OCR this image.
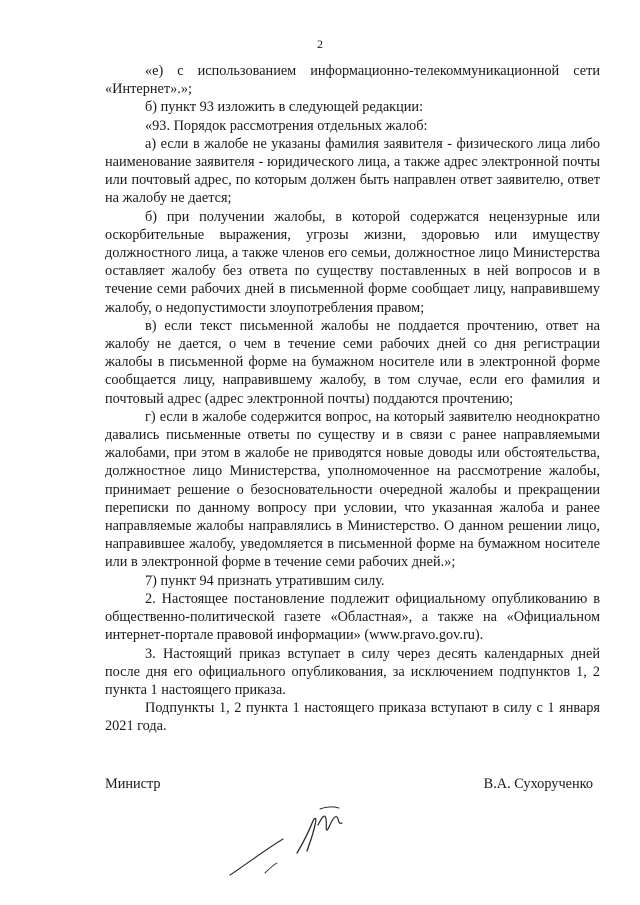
2

«е) с использованием информационно-телекоммуникационной сети «Интернет».»;

б) пункт 93 изложить в следующей редакции:

«93. Порядок рассмотрения отдельных жалоб:

а) если в жалобе не указаны фамилия заявителя - физического лица либо наименование заявителя - юридического лица, а также адрес электронной почты или почтовый адрес, по которым должен быть направлен ответ заявителю, ответ на жалобу не дается;

б) при получении жалобы, в которой содержатся нецензурные или оскорбительные выражения, угрозы жизни, здоровью или имуществу должностного лица, а также членов его семьи, должностное лицо Министерства оставляет жалобу без ответа по существу поставленных в ней вопросов и в течение семи рабочих дней в письменной форме сообщает лицу, направившему жалобу, о недопустимости злоупотребления правом;

в) если текст письменной жалобы не поддается прочтению, ответ на жалобу не дается, о чем в течение семи рабочих дней со дня регистрации жалобы в письменной форме на бумажном носителе или в электронной форме сообщается лицу, направившему жалобу, в том случае, если его фамилия и почтовый адрес (адрес электронной почты) поддаются прочтению;

г) если в жалобе содержится вопрос, на который заявителю неоднократно давались письменные ответы по существу и в связи с ранее направляемыми жалобами, при этом в жалобе не приводятся новые доводы или обстоятельства, должностное лицо Министерства, уполномоченное на рассмотрение жалобы, принимает решение о безосновательности очередной жалобы и прекращении переписки по данному вопросу при условии, что указанная жалоба и ранее направляемые жалобы направлялись в Министерство. О данном решении лицо, направившее жалобу, уведомляется в письменной форме на бумажном носителе или в электронной форме в течение семи рабочих дней.»;

7) пункт 94 признать утратившим силу.

2. Настоящее постановление подлежит официальному опубликованию в общественно-политической газете «Областная», а также на «Официальном интернет-портале правовой информации» (www.pravo.gov.ru).

3. Настоящий приказ вступает в силу через десять календарных дней после дня его официального опубликования, за исключением подпунктов 1, 2 пункта 1 настоящего приказа.

Подпункты 1, 2 пункта 1 настоящего приказа вступают в силу с 1 января 2021 года.

Министр	В.А. Сухорученко
